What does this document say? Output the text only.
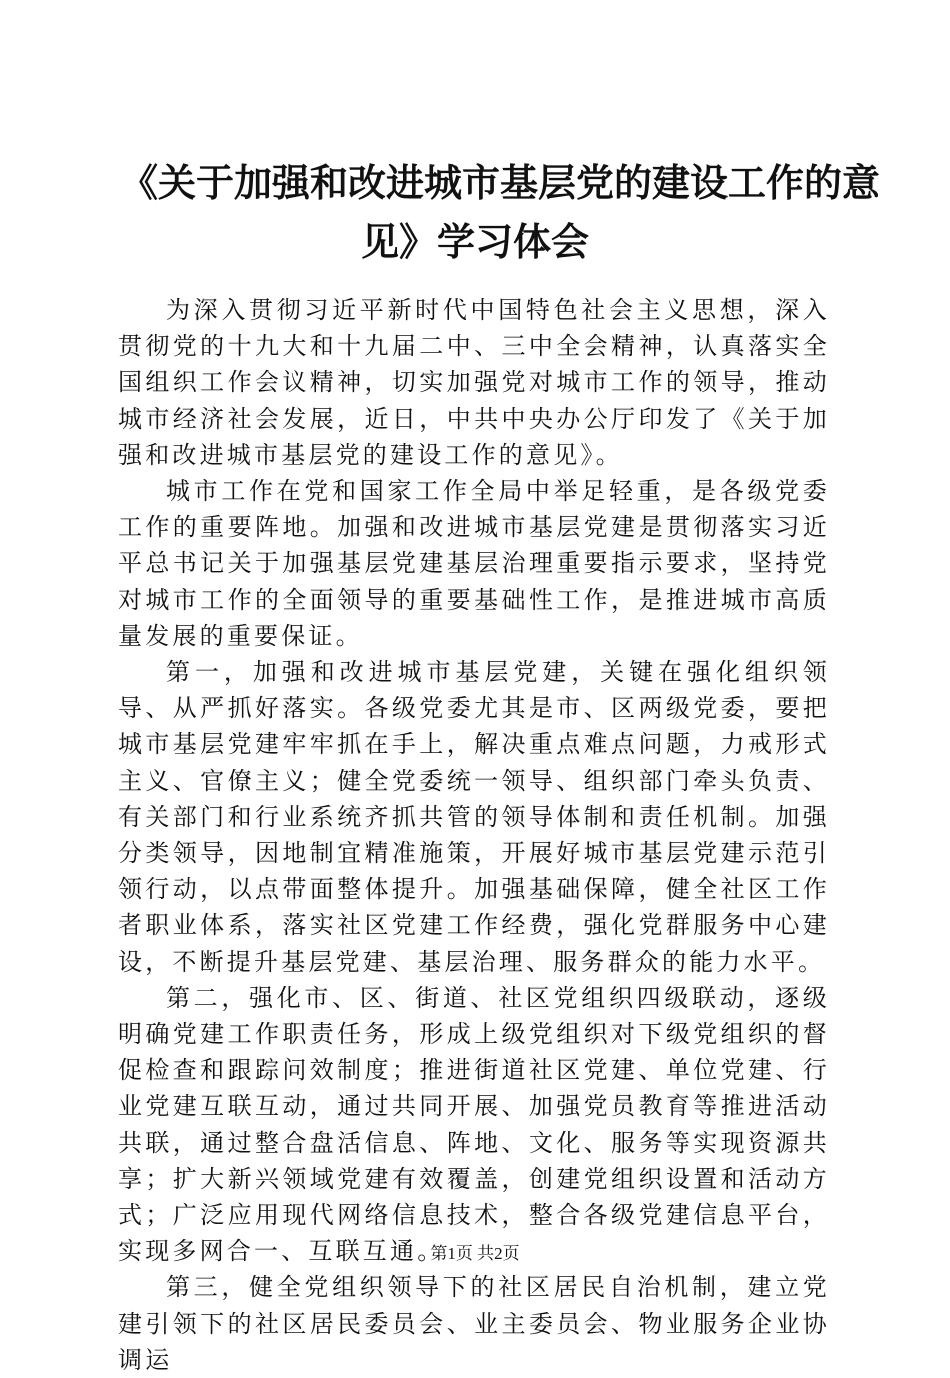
《关于加强和改进城市基层党的建设工作的意
见》学习体会

为深入贯彻习近平新时代中国特色社会主义思想，深入贯彻党的十九大和十九届二中、三中全会精神，认真落实全国组织工作会议精神，切实加强党对城市工作的领导，推动城市经济社会发展，近日，中共中央办公厅印发了《关于加强和改进城市基层党的建设工作的意见》。

城市工作在党和国家工作全局中举足轻重，是各级党委工作的重要阵地。加强和改进城市基层党建是贯彻落实习近平总书记关于加强基层党建基层治理重要指示要求，坚持党对城市工作的全面领导的重要基础性工作，是推进城市高质量发展的重要保证。

第一，加强和改进城市基层党建，关键在强化组织领导、从严抓好落实。各级党委尤其是市、区两级党委，要把城市基层党建牢牢抓在手上，解决重点难点问题，力戒形式主义、官僚主义；健全党委统一领导、组织部门牵头负责、有关部门和行业系统齐抓共管的领导体制和责任机制。加强分类领导，因地制宜精准施策，开展好城市基层党建示范引领行动，以点带面整体提升。加强基础保障，健全社区工作者职业体系，落实社区党建工作经费，强化党群服务中心建设，不断提升基层党建、基层治理、服务群众的能力水平。

第二，强化市、区、街道、社区党组织四级联动，逐级明确党建工作职责任务，形成上级党组织对下级党组织的督促检查和跟踪问效制度；推进街道社区党建、单位党建、行业党建互联互动，通过共同开展、加强党员教育等推进活动共联，通过整合盘活信息、阵地、文化、服务等实现资源共享；扩大新兴领域党建有效覆盖，创建党组织设置和活动方式；广泛应用现代网络信息技术，整合各级党建信息平台，实现多网合一、互联互通。

第三，健全党组织领导下的社区居民自治机制，建立党建引领下的社区居民委员会、业主委员会、物业服务企业协调运

第1页 共2页
